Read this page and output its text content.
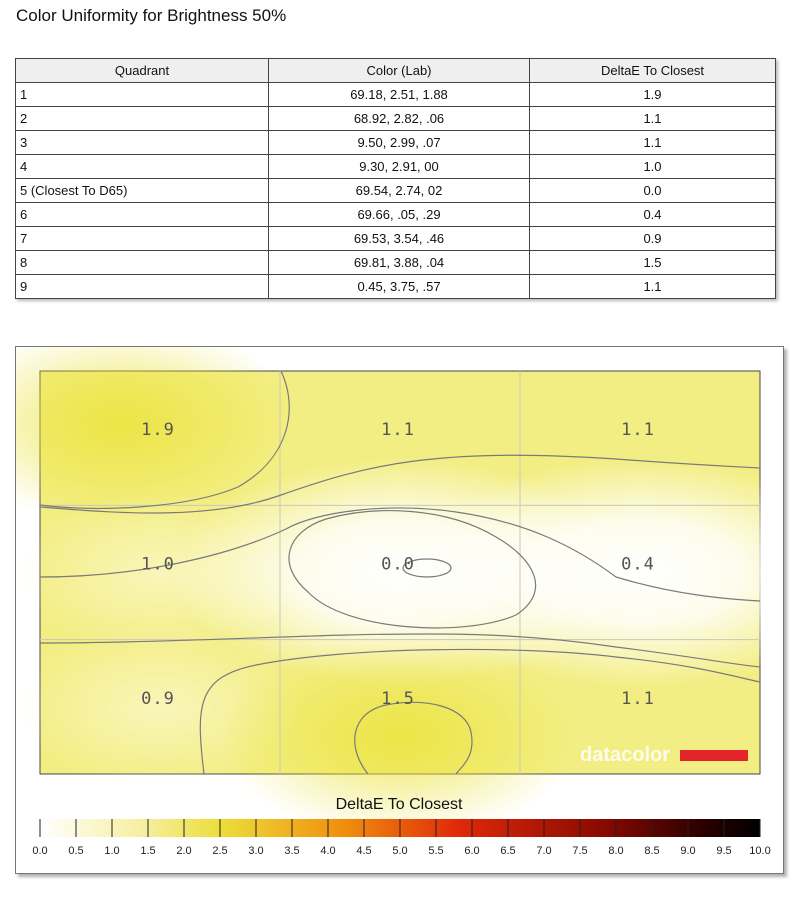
Color Uniformity for Brightness 50%
Quadrant	Color (Lab)	DeltaE To Closest
1	69.18, 2.51, 1.88	1.9
2	68.92, 2.82, .06	1.1
3	9.50, 2.99, .07	1.1
4	9.30, 2.91, 00	1.0
5 (Closest To D65)	69.54, 2.74, 02	0.0
6	69.66, .05, .29	0.4
7	69.53, 3.54, .46	0.9
8	69.81, 3.88, .04	1.5
9	0.45, 3.75, .57	1.1
1.9	1.1	1.1
1.0	0.0	0.4
0.9	1.5	1.1
datacolor
DeltaE To Closest
0.0 0.5 1.0 1.5 2.0 2.5 3.0 3.5 4.0 4.5 5.0 5.5 6.0 6.5 7.0 7.5 8.0 8.5 9.0 9.5 10.0
